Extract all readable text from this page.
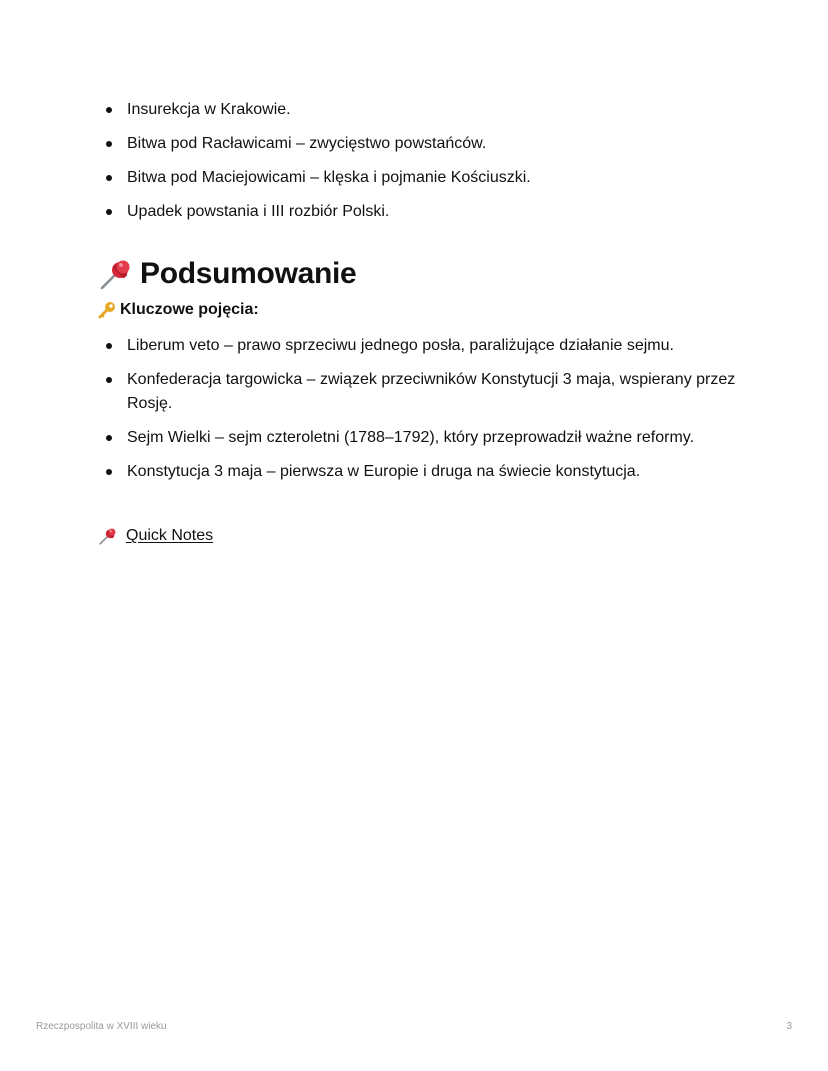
Insurekcja w Krakowie.
Bitwa pod Racławicami – zwycięstwo powstańców.
Bitwa pod Maciejowicami – klęska i pojmanie Kościuszki.
Upadek powstania i III rozbiór Polski.
Podsumowanie
Kluczowe pojęcia:
Liberum veto – prawo sprzeciwu jednego posła, paraliżujące działanie sejmu.
Konfederacja targowicka – związek przeciwników Konstytucji 3 maja, wspierany przez Rosję.
Sejm Wielki – sejm czteroletni (1788–1792), który przeprowadził ważne reformy.
Konstytucja 3 maja – pierwsza w Europie i druga na świecie konstytucja.
Quick Notes
Rzeczpospolita w XVIII wieku	3
